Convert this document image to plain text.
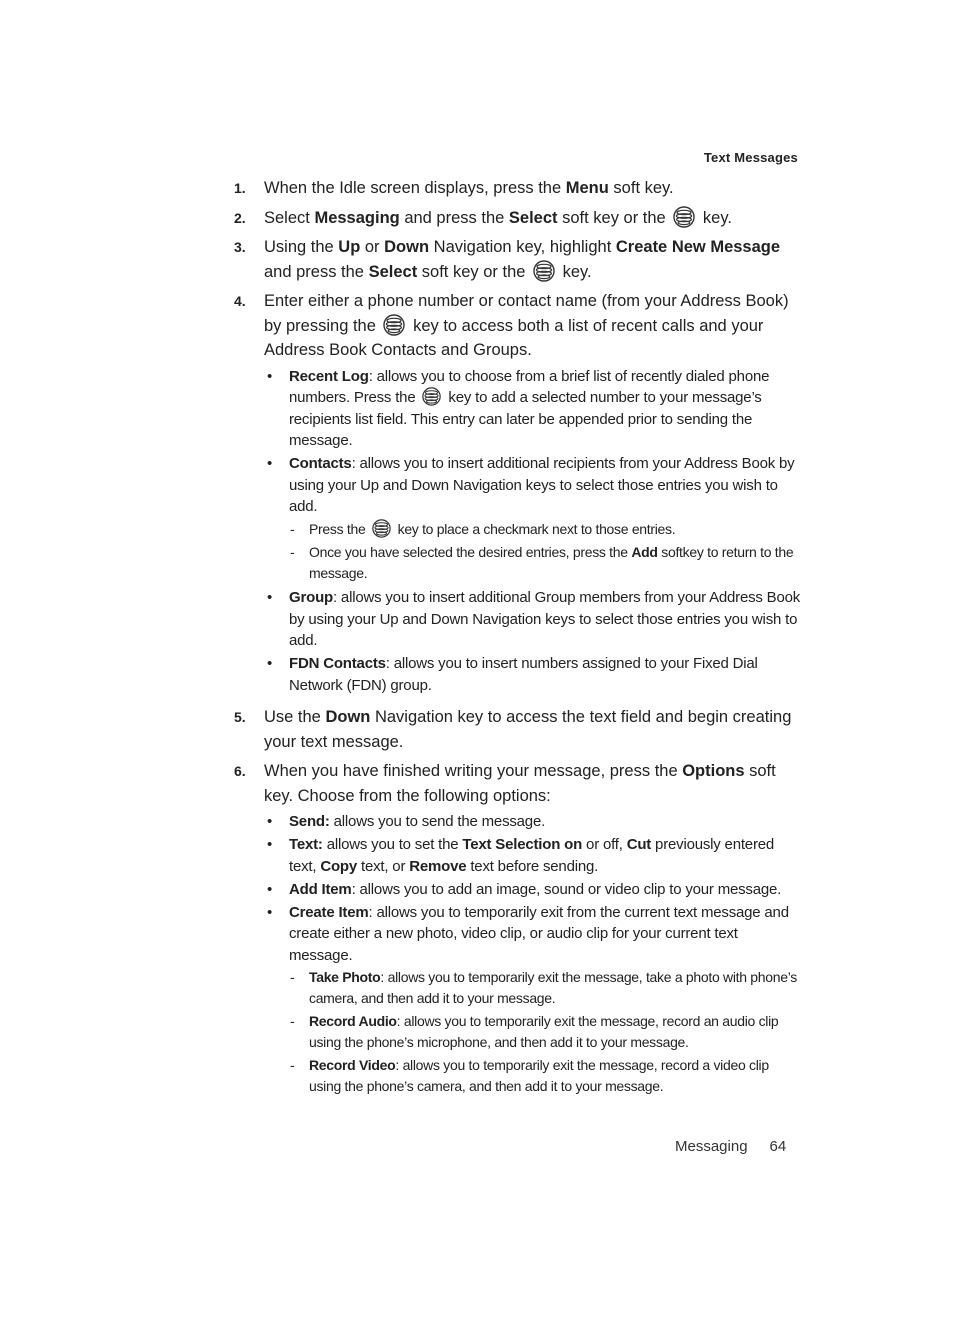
Text Messages
1.	When the Idle screen displays, press the Menu soft key.
2.	Select Messaging and press the Select soft key or the  key.
3.	Using the Up or Down Navigation key, highlight Create New Message and press the Select soft key or the  key.
4.	Enter either a phone number or contact name (from your Address Book) by pressing the  key to access both a list of recent calls and your Address Book Contacts and Groups.
•	Recent Log: allows you to choose from a brief list of recently dialed phone numbers. Press the  key to add a selected number to your message’s recipients list field. This entry can later be appended prior to sending the message.
•	Contacts: allows you to insert additional recipients from your Address Book by using your Up and Down Navigation keys to select those entries you wish to add.
-	Press the  key to place a checkmark next to those entries.
-	Once you have selected the desired entries, press the Add softkey to return to the message.
•	Group: allows you to insert additional Group members from your Address Book by using your Up and Down Navigation keys to select those entries you wish to add.
•	FDN Contacts: allows you to insert numbers assigned to your Fixed Dial Network (FDN) group.
5.	Use the Down Navigation key to access the text field and begin creating your text message.
6.	When you have finished writing your message, press the Options soft key. Choose from the following options:
•	Send: allows you to send the message.
•	Text: allows you to set the Text Selection on or off, Cut previously entered text, Copy text, or Remove text before sending.
•	Add Item: allows you to add an image, sound or video clip to your message.
•	Create Item: allows you to temporarily exit from the current text message and create either a new photo, video clip, or audio clip for your current text message.
-	Take Photo: allows you to temporarily exit the message, take a photo with phone’s camera, and then add it to your message.
-	Record Audio: allows you to temporarily exit the message, record an audio clip using the phone’s microphone, and then add it to your message.
-	Record Video: allows you to temporarily exit the message, record a video clip using the phone’s camera, and then add it to your message.
Messaging 64
